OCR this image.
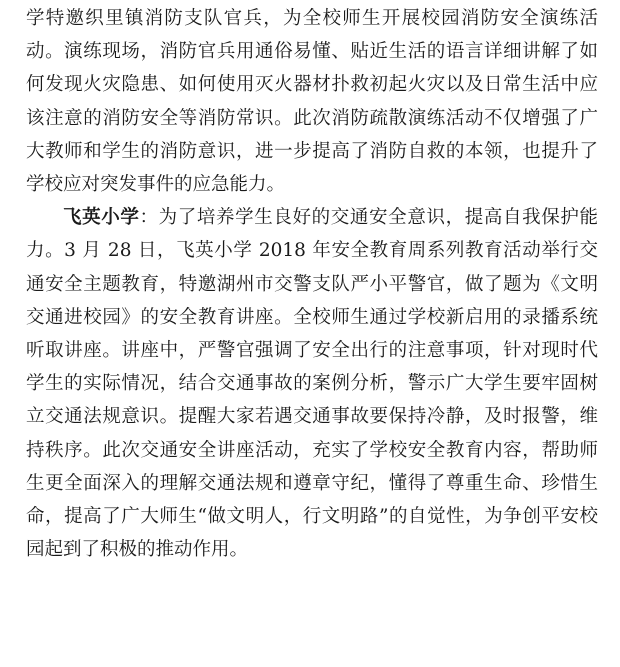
学特邀织里镇消防支队官兵，为全校师生开展校园消防安全演练活动。演练现场，消防官兵用通俗易懂、贴近生活的语言详细讲解了如何发现火灾隐患、如何使用灭火器材扑救初起火灾以及日常生活中应该注意的消防安全等消防常识。此次消防疏散演练活动不仅增强了广大教师和学生的消防意识，进一步提高了消防自救的本领，也提升了学校应对突发事件的应急能力。

飞英小学：为了培养学生良好的交通安全意识，提高自我保护能力。3 月 28 日，飞英小学 2018 年安全教育周系列教育活动举行交通安全主题教育，特邀湖州市交警支队严小平警官，做了题为《文明交通进校园》的安全教育讲座。全校师生通过学校新启用的录播系统听取讲座。讲座中，严警官强调了安全出行的注意事项，针对现时代学生的实际情况，结合交通事故的案例分析，警示广大学生要牢固树立交通法规意识。提醒大家若遇交通事故要保持冷静，及时报警，维持秩序。此次交通安全讲座活动，充实了学校安全教育内容，帮助师生更全面深入的理解交通法规和遵章守纪，懂得了尊重生命、珍惜生命，提高了广大师生“做文明人，行文明路”的自觉性，为争创平安校园起到了积极的推动作用。
